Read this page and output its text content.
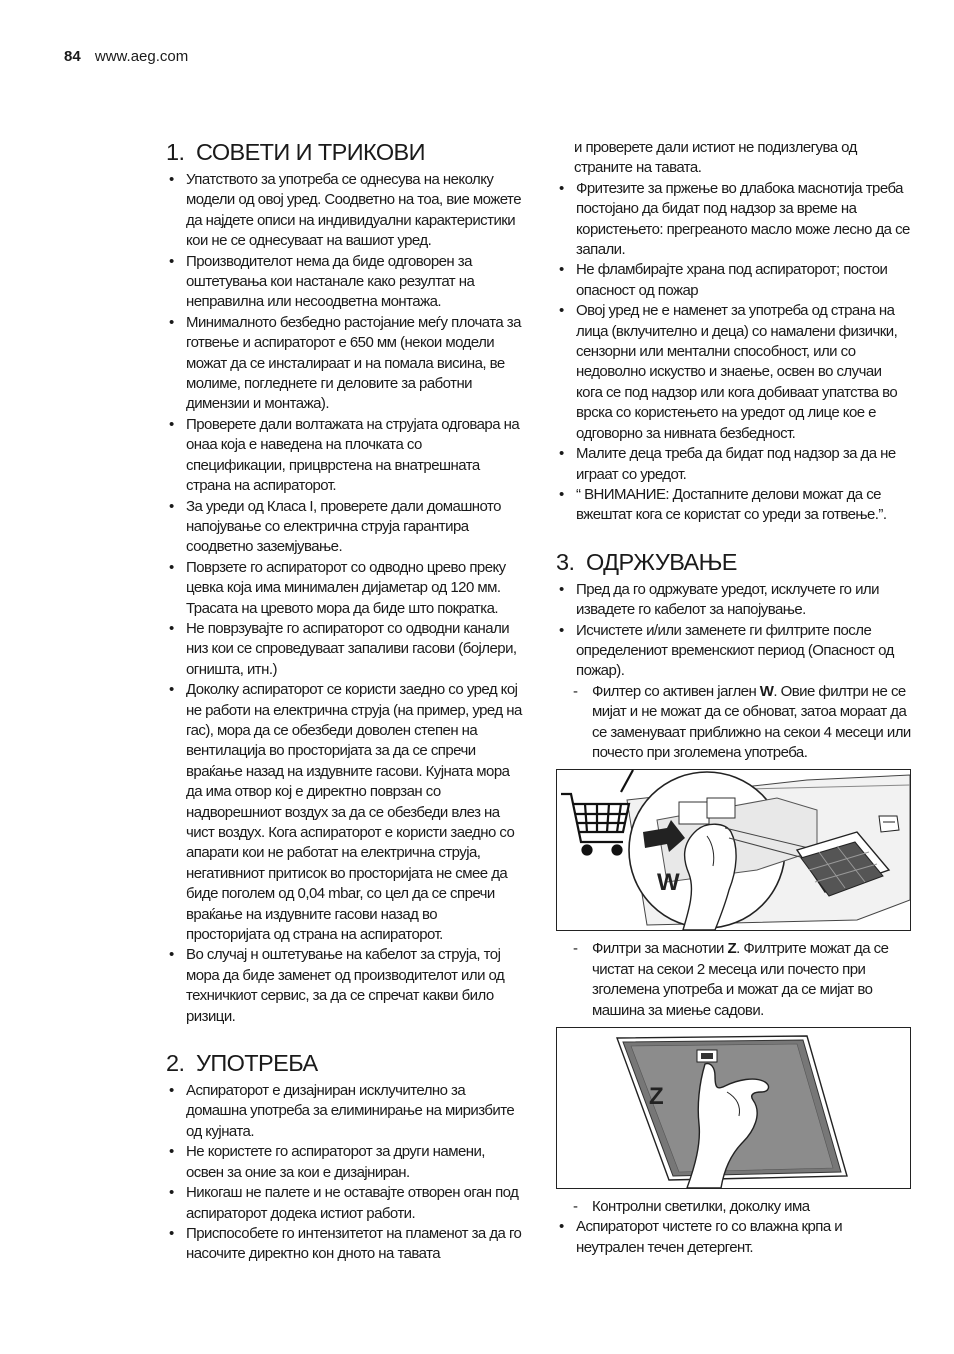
84 www.aeg.com
1. СОВЕТИ И ТРИКОВИ
• Упатството за употреба се однесува на неколку модели од овој уред. Соодветно на тоа, вие можете да најдете описи на индивидуални карактеристики кои не се однесуваат на вашиот уред.
• Производителот нема да биде одговорен за оштетувања кои настанале како резултат на неправилна или несоодветна монтажа.
• Минималното безбедно растојание меѓу плочата за готвење и аспираторот е 650 мм (некои модели можат да се инсталираат и на помала висина, ве молиме, погледнете ги деловите за работни димензии и монтажа).
• Проверете дали волтажата на струјата одговара на онаа која е наведена на плочката со спецификации, прицврстена на внатрешната страна на аспираторот.
• За уреди од Класа I, проверете дали домашното напојување со електрична струја гарантира соодветно заземјување.
• Поврзете го аспираторот со одводно цревo преку цевка која има минимален дијаметар од 120 мм. Трасата на цревото мора да биде што пократка.
• Не поврзувајте го аспираторот со одводни канали низ кои се спроведуваат запаливи гасови (бојлери, огништа, итн.)
• Доколку аспираторот се користи заедно со уред кој не работи на електрична струја (на пример, уред на гас), мора да се обезбеди доволен степен на вентилација во просторијата за да се спречи враќање назад на издувните гасови. Кујната мора да има отвор кој е директно поврзан со надворешниот воздух за да се обезбеди влез на чист воздух. Кога аспираторот е користи заедно со апарати кои не работат на електрична струја, негативниот притисок во просторијата не смее да биде поголем од 0,04 mbar, со цел да се спречи враќање на издувните гасови назад во просторијата од страна на аспираторот.
• Во случај н оштетување на кабелот за струја, тој мора да биде заменет од производителот или од техничкиот сервис, за да се спречат какви било ризици.
2. УПОТРЕБА
• Аспираторот е дизајниран исклучително за домашна употреба за елиминирање на миризбите од кујната.
• Не користете го аспираторот за други намени, освен за оние за кои е дизајниран.
• Никогаш не палете и не оставајте отворен оган под аспираторот додека истиот работи.
• Приспособете го интензитетот на пламенот за да го насочите директно кон дното на тавата
и проверете дали истиот не подизлегува од страните на тавата.
• Фритезите за пржење во длабока маснотија треба постојано да бидат под надзор за време на користењето: прегреаното масло може лесно да се запали.
• Не фламбирајте храна под аспираторот; постои опасност од пожар
• Овој уред не е наменет за употреба од страна на лица (вклучително и деца) со намалени физички, сензорни или ментални способност, или со недоволно искуство и знаење, освен во случаи кога се под надзор или кога добиваат упатства во врска со користењето на уредот од лице кое е одговорно за нивната безбедност.
• Малите деца треба да бидат под надзор за да не играат со уредот.
• “ ВНИМАНИЕ: Достапните делови можат да се вжештат кога се користат со уреди за готвење.”.
3. ОДРЖУВАЊЕ
• Пред да го одржувате уредот, исклучете го или извадете го кабелот за напојување.
• Исчистете и/или заменете ги филтрите после определениот временскиот период (Опасност од пожар).
- Филтер со активен јаглен W. Овие филтри не се мијат и не можат да се обноват, затоа мораат да се заменуваат приближно на секои 4 месеци или почесто при зголемена употреба.
W
- Филтри за маснотии Z. Филтрите можат да се чистат на секои 2 месеца или почесто при зголемена употреба и можат да се мијат во машина за миење садови.
Z
- Контролни светилки, доколку има
• Аспираторот чистете го со влажна крпа и неутрален течен детергент.
